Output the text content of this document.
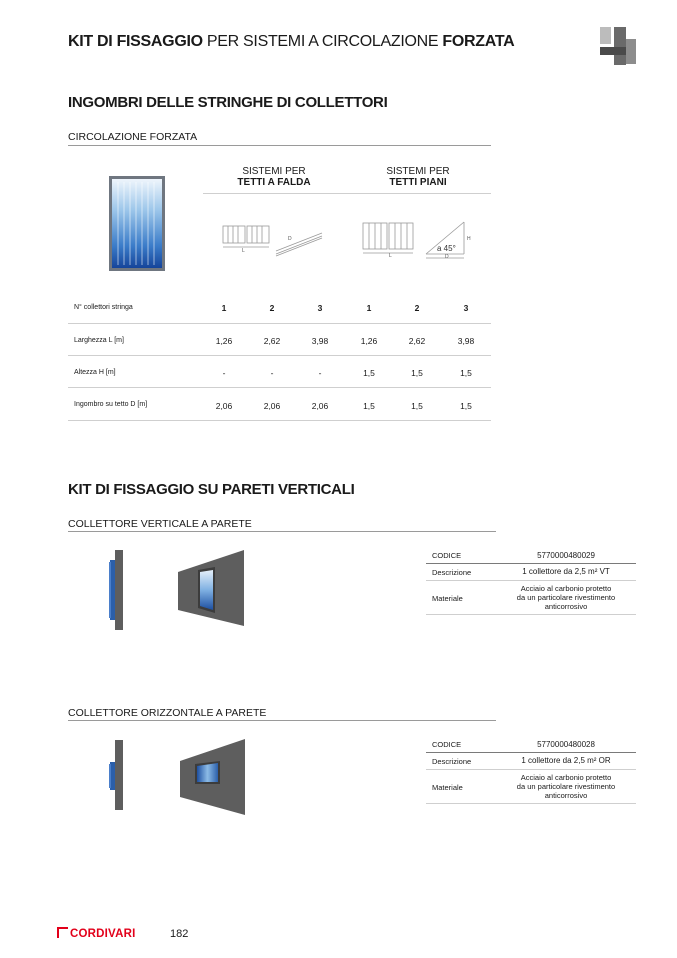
KIT DI FISSAGGIO PER SISTEMI A CIRCOLAZIONE FORZATA
INGOMBRI DELLE STRINGHE DI COLLETTORI
CIRCOLAZIONE FORZATA
SISTEMI PER
TETTI A FALDA
SISTEMI PER
TETTI PIANI
L
D
L	D
H
a 45°
N° collettori stringa	1	2	3	1	2	3
Larghezza L [m]	1,26	2,62	3,98	1,26	2,62	3,98
Altezza H [m]	-	-	-	1,5	1,5	1,5
Ingombro su tetto D [m]	2,06	2,06	2,06	1,5	1,5	1,5
KIT DI FISSAGGIO SU PARETI VERTICALI
COLLETTORE VERTICALE A PARETE
CODICE	5770000480029
Descrizione	1 collettore da 2,5 m² VT
Materiale
Acciaio al carbonio protetto
da un particolare rivestimento
anticorrosivo
COLLETTORE ORIZZONTALE A PARETE
CODICE	5770000480028
Descrizione	1 collettore da 2,5 m² OR
Materiale
Acciaio al carbonio protetto
da un particolare rivestimento
anticorrosivo
CORDIVARI	182
